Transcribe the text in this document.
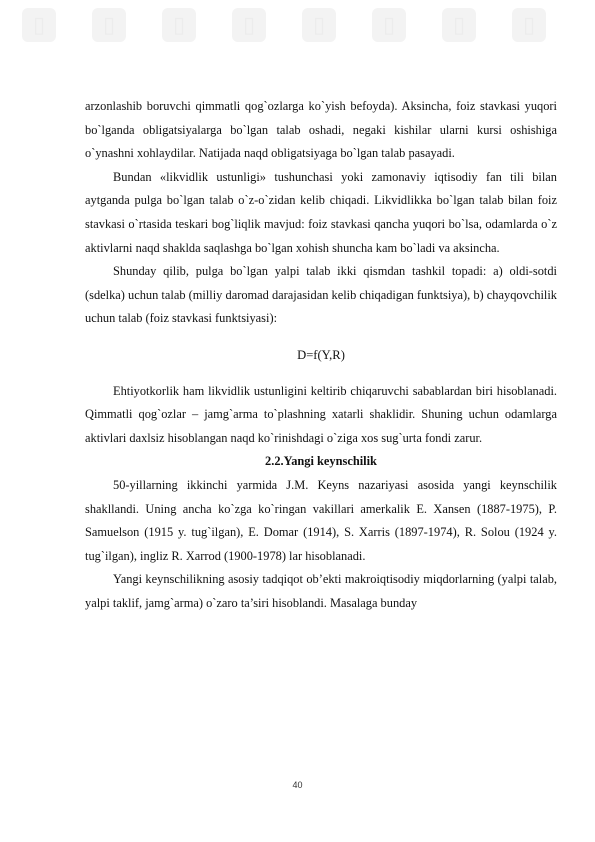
▯	▯	▯	▯	▯	▯	▯	▯

arzonlashib boruvchi qimmatli qog`ozlarga ko`yish befoyda). Aksincha, foiz stavkasi yuqori bo`lganda obligatsiyalarga bo`lgan talab oshadi, negaki kishilar ularni kursi oshishiga o`ynashni xohlaydilar. Natijada naqd obligatsiyaga bo`lgan talab pasayadi.

Bundan «likvidlik ustunligi» tushunchasi yoki zamonaviy iqtisodiy fan tili bilan aytganda pulga bo`lgan talab o`z-o`zidan kelib chiqadi. Likvidlikka bo`lgan talab bilan foiz stavkasi o`rtasida teskari bog`liqlik mavjud: foiz stavkasi qancha yuqori bo`lsa, odamlarda o`z aktivlarni naqd shaklda saqlashga bo`lgan xohish shuncha kam bo`ladi va aksincha.

Shunday qilib, pulga bo`lgan yalpi talab ikki qismdan tashkil topadi: a) oldi-sotdi (sdelka) uchun talab (milliy daromad darajasidan kelib chiqadigan funktsiya), b) chayqovchilik uchun talab (foiz stavkasi funktsiyasi):

D=f(Y,R)

Ehtiyotkorlik ham likvidlik ustunligini keltirib chiqaruvchi sabablardan biri hisoblanadi. Qimmatli qog`ozlar – jamg`arma to`plashning xatarli shaklidir. Shuning uchun odamlarga aktivlari daxlsiz hisoblangan naqd ko`rinishdagi o`ziga xos sug`urta fondi zarur.

2.2.Yangi keynschilik

50-yillarning ikkinchi yarmida J.M. Keyns nazariyasi asosida yangi keynschilik shakllandi. Uning ancha ko`zga ko`ringan vakillari amerkalik E. Xansen (1887-1975), P. Samuelson (1915 y. tug`ilgan), E. Domar (1914), S. Xarris (1897-1974), R. Solou (1924 y. tug`ilgan), ingliz R. Xarrod (1900-1978) lar hisoblanadi.

Yangi keynschilikning asosiy tadqiqot ob’ekti makroiqtisodiy miqdorlarning (yalpi talab, yalpi taklif, jamg`arma) o`zaro ta’siri hisoblandi. Masalaga bunday

40
